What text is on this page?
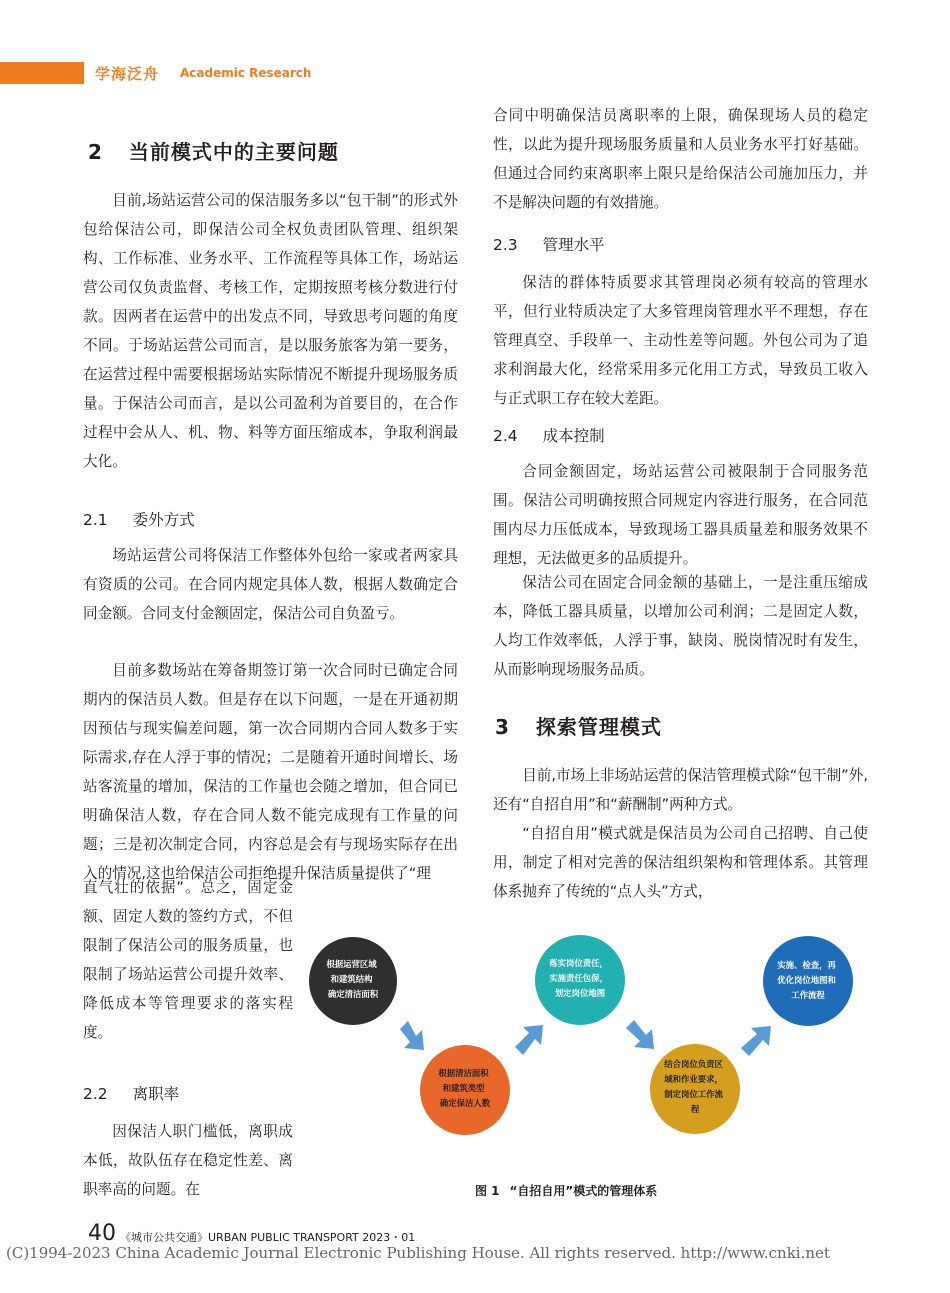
学海泛舟 Academic Research
2 当前模式中的主要问题

目前,场站运营公司的保洁服务多以“包干制”的形式外包给保洁公司，即保洁公司全权负责团队管理、组织架构、工作标准、业务水平、工作流程等具体工作，场站运营公司仅负责监督、考核工作，定期按照考核分数进行付款。因两者在运营中的出发点不同，导致思考问题的角度不同。于场站运营公司而言，是以服务旅客为第一要务，在运营过程中需要根据场站实际情况不断提升现场服务质量。于保洁公司而言，是以公司盈利为首要目的，在合作过程中会从人、机、物、料等方面压缩成本，争取利润最大化。

2.1 委外方式

场站运营公司将保洁工作整体外包给一家或者两家具有资质的公司。在合同内规定具体人数，根据人数确定合同金额。合同支付金额固定，保洁公司自负盈亏。

目前多数场站在筹备期签订第一次合同时已确定合同期内的保洁员人数。但是存在以下问题，一是在开通初期因预估与现实偏差问题，第一次合同期内合同人数多于实际需求,存在人浮于事的情况；二是随着开通时间增长、场站客流量的增加，保洁的工作量也会随之增加，但合同已明确保洁人数，存在合同人数不能完成现有工作量的问题；三是初次制定合同，内容总是会有与现场实际存在出入的情况,这也给保洁公司拒绝提升保洁质量提供了“理

直气壮的依据”。总之，固定金额、固定人数的签约方式，不但限制了保洁公司的服务质量，也限制了场站运营公司提升效率、降低成本等管理要求的落实程度。

2.2 离职率

因保洁人职门槛低，离职成本低，故队伍存在稳定性差、离职率高的问题。在

合同中明确保洁员离职率的上限，确保现场人员的稳定性，以此为提升现场服务质量和人员业务水平打好基础。但通过合同约束离职率上限只是给保洁公司施加压力，并不是解决问题的有效措施。

2.3 管理水平

保洁的群体特质要求其管理岗必须有较高的管理水平，但行业特质决定了大多管理岗管理水平不理想，存在管理真空、手段单一、主动性差等问题。外包公司为了追求利润最大化，经常采用多元化用工方式，导致员工收入与正式职工存在较大差距。

2.4 成本控制

合同金额固定，场站运营公司被限制于合同服务范围。保洁公司明确按照合同规定内容进行服务，在合同范围内尽力压低成本，导致现场工器具质量差和服务效果不理想，无法做更多的品质提升。

保洁公司在固定合同金额的基础上，一是注重压缩成本，降低工器具质量，以增加公司利润；二是固定人数，人均工作效率低，人浮于事，缺岗、脱岗情况时有发生，从而影响现场服务品质。

3 探索管理模式

目前,市场上非场站运营的保洁管理模式除“包干制”外,还有“自招自用”和“薪酬制”两种方式。

“自招自用”模式就是保洁员为公司自己招聘、自己使用，制定了相对完善的保洁组织架构和管理体系。其管理体系抛弃了传统的“点人头”方式，

根据运营区域 和建筑结构 确定清洁面积
根据清洁面积 和建筑类型 确定保洁人数
落实岗位责任， 实施责任包保， 划定岗位地图
结合岗位负责区 域和作业要求， 制定岗位工作流 程
实施、检查，再 优化岗位地图和 工作流程
图 1 “自招自用”模式的管理体系
40 《城市公共交通》URBAN PUBLIC TRANSPORT 2023・01
(C)1994-2023 China Academic Journal Electronic Publishing House. All rights reserved. http://www.cnki.net
